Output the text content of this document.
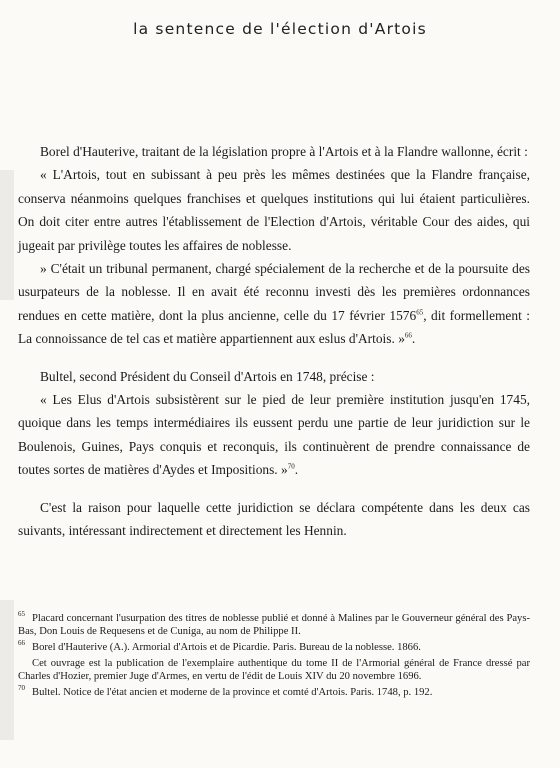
la sentence de l'élection d'Artois

Borel d'Hauterive, traitant de la législation propre à l'Artois et à la Flandre wallonne, écrit :

« L'Artois, tout en subissant à peu près les mêmes destinées que la Flandre française, conserva néanmoins quelques franchises et quelques institutions qui lui étaient particulières. On doit citer entre autres l'établissement de l'Election d'Artois, véritable Cour des aides, qui jugeait par privilège toutes les affaires de noblesse.

» C'était un tribunal permanent, chargé spécialement de la recherche et de la poursuite des usurpateurs de la noblesse. Il en avait été reconnu investi dès les premières ordonnances rendues en cette matière, dont la plus ancienne, celle du 17 février 1576$^{65}$, dit formellement : La connoissance de tel cas et matière appartiennent aux eslus d'Artois. »$^{66}$.

Bultel, second Président du Conseil d'Artois en 1748, précise :

« Les Elus d'Artois subsistèrent sur le pied de leur première institution jusqu'en 1745, quoique dans les temps intermédiaires ils eussent perdu une partie de leur juridiction sur le Boulenois, Guines, Pays conquis et reconquis, ils continuèrent de prendre connaissance de toutes sortes de matières d'Aydes et Impositions. »$^{70}$.

C'est la raison pour laquelle cette juridiction se déclara compétente dans les deux cas suivants, intéressant indirectement et directement les Hennin.

65 Placard concernant l'usurpation des titres de noblesse publié et donné à Malines par le Gouverneur général des Pays-Bas, Don Louis de Requesens et de Cuniga, au nom de Philippe II.

66 Borel d'Hauterive (A.). Armorial d'Artois et de Picardie. Paris. Bureau de la noblesse. 1866.

Cet ouvrage est la publication de l'exemplaire authentique du tome II de l'Armorial général de France dressé par Charles d'Hozier, premier Juge d'Armes, en vertu de l'édit de Louis XIV du 20 novembre 1696.

70 Bultel. Notice de l'état ancien et moderne de la province et comté d'Artois. Paris. 1748, p. 192.
